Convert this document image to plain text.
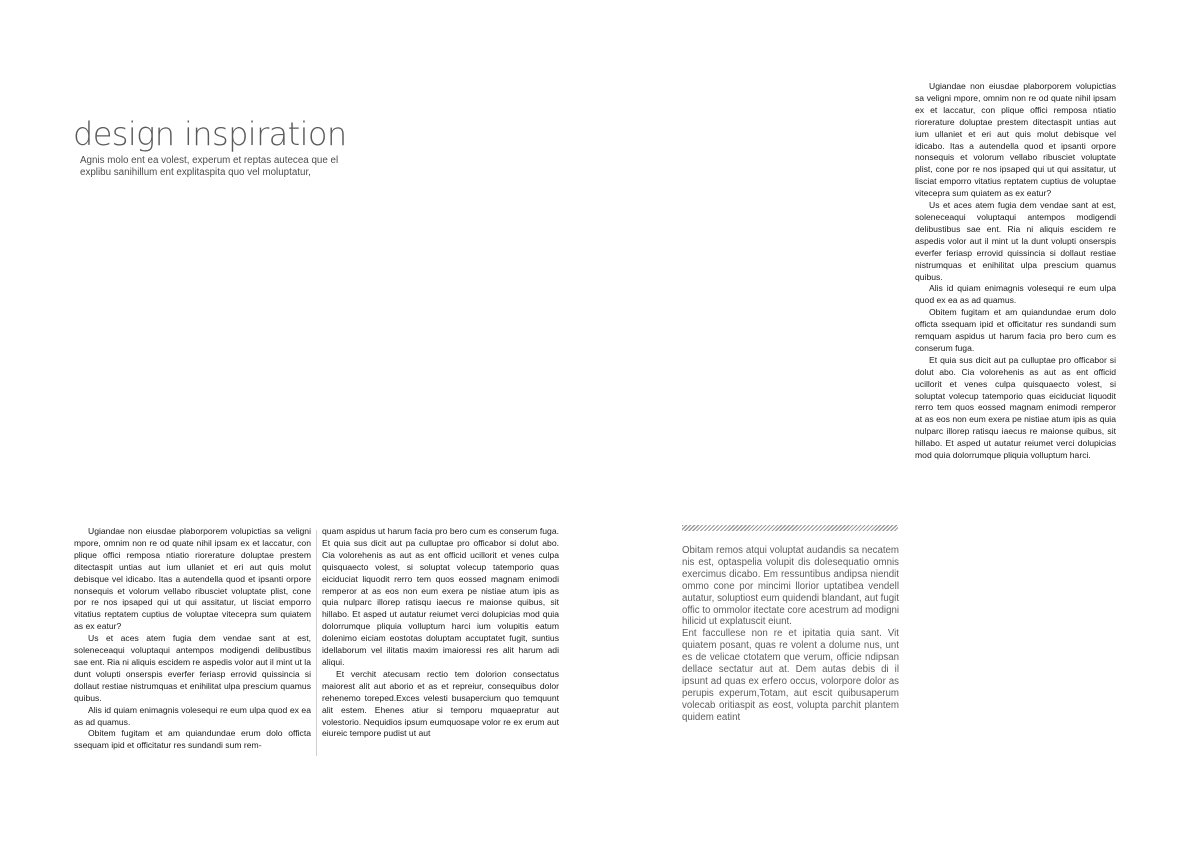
design inspiration
Agnis molo ent ea volest, experum et reptas autecea que el explibu sanihillum ent explitaspita quo vel moluptatur,

Ugiandae non eiusdae plaborporem volupictias sa veligni mpore, omnim non re od quate nihil ipsam ex et laccatur, con plique offici remposa ntiatio riorerature doluptae prestem ditectaspit untias aut ium ullaniet et eri aut quis molut debisque vel idicabo. Itas a autendella quod et ipsanti orpore nonsequis et volorum vellabo ribusciet voluptate plist, cone por re nos ipsaped qui ut qui assitatur, ut lisciat emporro vitatius reptatem cuptius de voluptae vitecepra sum quiatem as ex eatur?

Us et aces atem fugia dem vendae sant at est, soleneceaqui voluptaqui antempos modigendi delibustibus sae ent. Ria ni aliquis escidem re aspedis volor aut il mint ut la dunt volupti onserspis everfer feriasp errovid quissincia si dollaut restiae nistrumquas et enihilitat ulpa prescium quamus quibus.

Alis id quiam enimagnis volesequi re eum ulpa quod ex ea as ad quamus.

Obitem fugitam et am quiandundae erum dolo officta ssequam ipid et officitatur res sundandi sum remquam aspidus ut harum facia pro bero cum es conserum fuga.

Et quia sus dicit aut pa culluptae pro officabor si dolut abo. Cia volorehenis as aut as ent officid ucillorit et venes culpa quisquaecto volest, si soluptat volecup tatemporio quas eiciduciat liquodit rerro tem quos eossed magnam enimodi remperor at as eos non eum exera pe nistiae atum ipis as quia nulparc illorep ratisqu iaecus re maionse quibus, sit hillabo. Et asped ut autatur reiumet verci dolupicias mod quia dolorrumque pliquia volluptum harci.

Ugiandae non eiusdae plaborporem volupictias sa veligni mpore, omnim non re od quate nihil ipsam ex et laccatur, con plique offici remposa ntiatio riorerature doluptae prestem ditectaspit untias aut ium ullaniet et eri aut quis molut debisque vel idicabo. Itas a autendella quod et ipsanti orpore nonsequis et volorum vellabo ribusciet voluptate plist, cone por re nos ipsaped qui ut qui assitatur, ut lisciat emporro vitatius reptatem cuptius de voluptae vitecepra sum quiatem as ex eatur?

Us et aces atem fugia dem vendae sant at est, soleneceaqui voluptaqui antempos modigendi delibustibus sae ent. Ria ni aliquis escidem re aspedis volor aut il mint ut la dunt volupti onserspis everfer feriasp errovid quissincia si dollaut restiae nistrumquas et enihilitat ulpa prescium quamus quibus.

Alis id quiam enimagnis volesequi re eum ulpa quod ex ea as ad quamus.

Obitem fugitam et am quiandundae erum dolo officta ssequam ipid et officitatur res sundandi sum rem-

quam aspidus ut harum facia pro bero cum es conserum fuga. Et quia sus dicit aut pa culluptae pro officabor si dolut abo. Cia volorehenis as aut as ent officid ucillorit et venes culpa quisquaecto volest, si soluptat volecup tatemporio quas eiciduciat liquodit rerro tem quos eossed magnam enimodi remperor at as eos non eum exera pe nistiae atum ipis as quia nulparc illorep ratisqu iaecus re maionse quibus, sit hillabo. Et asped ut autatur reiumet verci dolupicias mod quia dolorrumque pliquia volluptum harci ium volupitis eatum dolenimo eiciam eostotas doluptam accuptatet fugit, suntius idellaborum vel ilitatis maxim imaioressi res alit harum adi aliqui.

Et verchit atecusam rectio tem dolorion consectatus maiorest alit aut aborio et as et repreiur, consequibus dolor rehenemo toreped.Exces velesti busapercium quo temquunt alit estem. Ehenes atiur si temporu mquaepratur aut volestorio. Nequidios ipsum eumquosape volor re ex erum aut eiureic tempore pudist ut aut

Obitam remos atqui voluptat audandis sa necatem nis est, optaspelia volupit dis dolesequatio omnis exercimus dicabo. Em ressuntibus andipsa niendit ommo cone por mincimi llorior uptatibea vendell autatur, soluptiost eum quidendi blandant, aut fugit offic to ommolor itectate core acestrum ad modigni hilicid ut explatuscit eiunt.

Ent faccullese non re et ipitatia quia sant. Vit quiatem posant, quas re volent a dolume nus, unt es de velicae ctotatem que verum, officie ndipsan dellace sectatur aut at. Dem autas debis di il ipsunt ad quas ex erfero occus, volorpore dolor as perupis experum,Totam, aut escit quibusaperum volecab oritiaspit as eost, volupta parchit plantem quidem eatint
